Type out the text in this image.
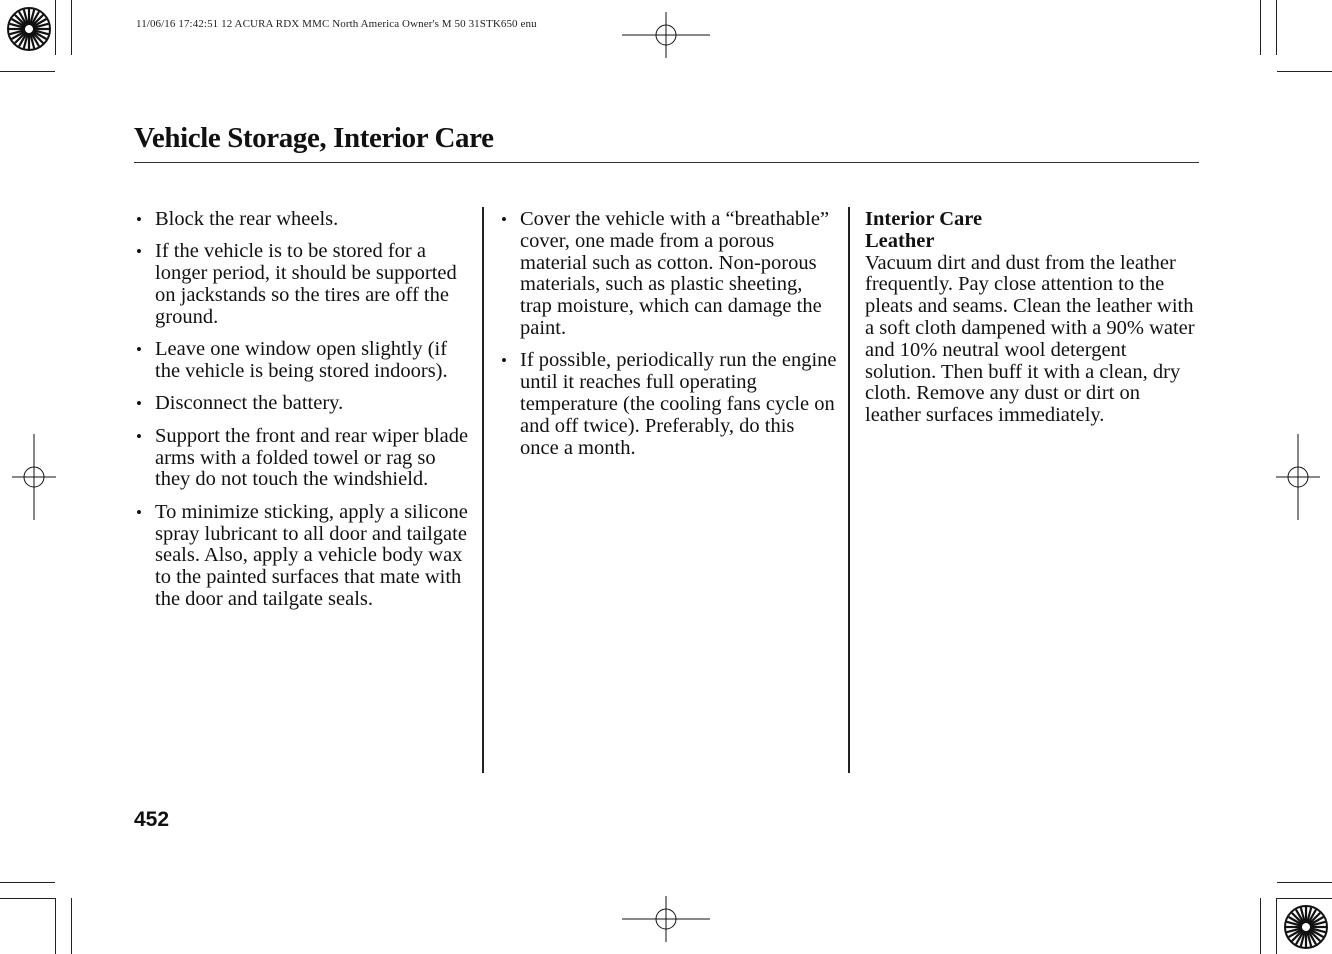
11/06/16 17:42:51 12 ACURA RDX MMC North America Owner's M 50 31STK650 enu
Vehicle Storage, Interior Care
• Block the rear wheels.
• If the vehicle is to be stored for a longer period, it should be supported on jackstands so the tires are off the ground.
• Leave one window open slightly (if the vehicle is being stored indoors).
• Disconnect the battery.
• Support the front and rear wiper blade arms with a folded towel or rag so they do not touch the windshield.
• To minimize sticking, apply a silicone spray lubricant to all door and tailgate seals. Also, apply a vehicle body wax to the painted surfaces that mate with the door and tailgate seals.
• Cover the vehicle with a “breathable” cover, one made from a porous material such as cotton. Non-porous materials, such as plastic sheeting, trap moisture, which can damage the paint.
• If possible, periodically run the engine until it reaches full operating temperature (the cooling fans cycle on and off twice). Preferably, do this once a month.
Interior Care
Leather

Vacuum dirt and dust from the leather frequently. Pay close attention to the pleats and seams. Clean the leather with a soft cloth dampened with a 90% water and 10% neutral wool detergent solution. Then buff it with a clean, dry cloth. Remove any dust or dirt on leather surfaces immediately.

452
